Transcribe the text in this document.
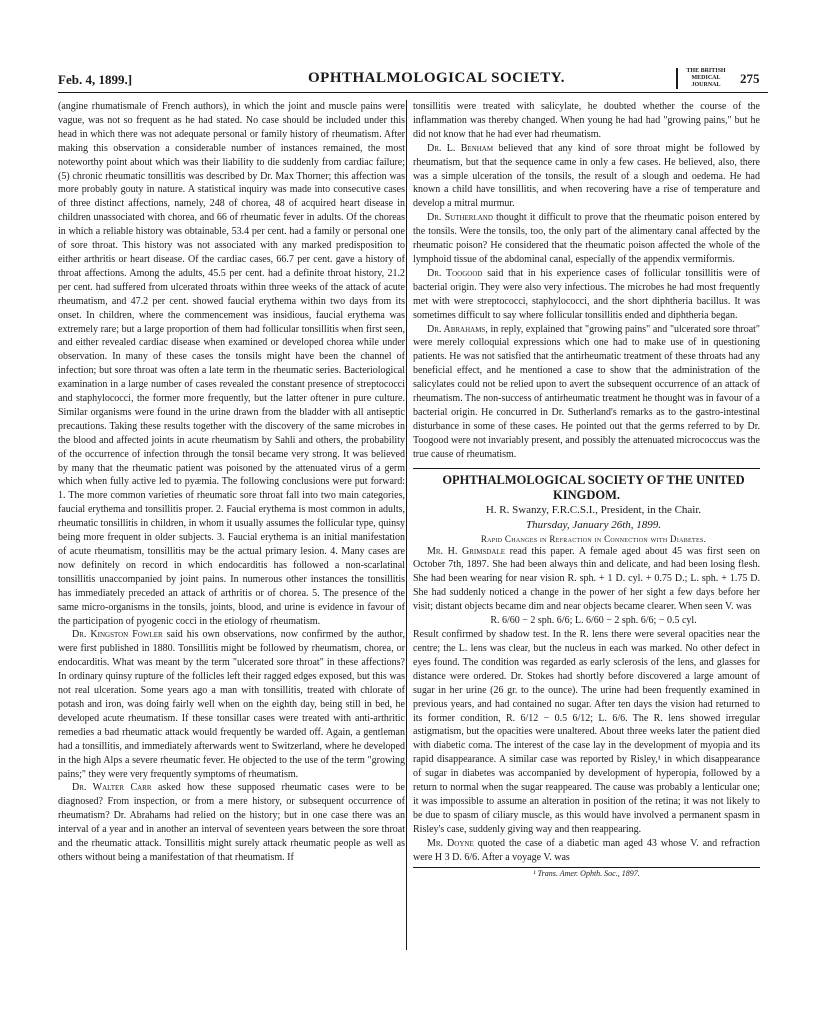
Feb. 4, 1899.]	OPHTHALMOLOGICAL SOCIETY.	THE BRITISH MEDICAL JOURNAL	275

(angine rhumatismale of French authors), in which the joint and muscle pains were vague, was not so frequent as he had stated. No case should be included under this head in which there was not adequate personal or family history of rheumatism. After making this observation a considerable number of instances remained, the most noteworthy point about which was their liability to die suddenly from cardiac failure; (5) chronic rheumatic tonsillitis was described by Dr. Max Thorner; this affection was more probably gouty in nature. A statistical inquiry was made into consecutive cases of three distinct affections, namely, 248 of chorea, 48 of acquired heart disease in children unassociated with chorea, and 66 of rheumatic fever in adults. Of the choreas in which a reliable history was obtainable, 53.4 per cent. had a family or personal one of sore throat. This history was not associated with any marked predisposition to either arthritis or heart disease. Of the cardiac cases, 66.7 per cent. gave a history of throat affections. Among the adults, 45.5 per cent. had a definite throat history, 21.2 per cent. had suffered from ulcerated throats within three weeks of the attack of acute rheumatism, and 47.2 per cent. showed faucial erythema within two days from its onset. In children, where the commencement was insidious, faucial erythema was extremely rare; but a large proportion of them had follicular tonsillitis when first seen, and either revealed cardiac disease when examined or developed chorea while under observation. In many of these cases the tonsils might have been the channel of infection; but sore throat was often a late term in the rheumatic series. Bacteriological examination in a large number of cases revealed the constant presence of streptococci and staphylococci, the former more frequently, but the latter oftener in pure culture. Similar organisms were found in the urine drawn from the bladder with all antiseptic precautions. Taking these results together with the discovery of the same microbes in the blood and affected joints in acute rheumatism by Sahli and others, the probability of the occurrence of infection through the tonsil became very strong. It was believed by many that the rheumatic patient was poisoned by the attenuated virus of a germ which when fully active led to pyæmia. The following conclusions were put forward: 1. The more common varieties of rheumatic sore throat fall into two main categories, faucial erythema and tonsillitis proper. 2. Faucial erythema is most common in adults, rheumatic tonsillitis in children, in whom it usually assumes the follicular type, quinsy being more frequent in older subjects. 3. Faucial erythema is an initial manifestation of acute rheumatism, tonsillitis may be the actual primary lesion. 4. Many cases are now definitely on record in which endocarditis has followed a non-scarlatinal tonsillitis unaccompanied by joint pains. In numerous other instances the tonsillitis has immediately preceded an attack of arthritis or of chorea. 5. The presence of the same micro-organisms in the tonsils, joints, blood, and urine is evidence in favour of the participation of pyogenic cocci in the etiology of rheumatism.

Dr. Kingston Fowler said his own observations, now confirmed by the author, were first published in 1880. Tonsillitis might be followed by rheumatism, chorea, or endocarditis. What was meant by the term "ulcerated sore throat" in these affections? In ordinary quinsy rupture of the follicles left their ragged edges exposed, but this was not real ulceration. Some years ago a man with tonsillitis, treated with chlorate of potash and iron, was doing fairly well when on the eighth day, being still in bed, he developed acute rheumatism. If these tonsillar cases were treated with anti-arthritic remedies a bad rheumatic attack would frequently be warded off. Again, a gentleman had a tonsillitis, and immediately afterwards went to Switzerland, where he developed in the high Alps a severe rheumatic fever. He objected to the use of the term "growing pains;" they were very frequently symptoms of rheumatism.

Dr. Walter Carr asked how these supposed rheumatic cases were to be diagnosed? From inspection, or from a mere history, or subsequent occurrence of rheumatism? Dr. Abrahams had relied on the history; but in one case there was an interval of a year and in another an interval of seventeen years between the sore throat and the rheumatic attack. Tonsillitis might surely attack rheumatic people as well as others without being a manifestation of that rheumatism. If

tonsillitis were treated with salicylate, he doubted whether the course of the inflammation was thereby changed. When young he had had "growing pains," but he did not know that he had ever had rheumatism.

Dr. L. Benham believed that any kind of sore throat might be followed by rheumatism, but that the sequence came in only a few cases. He believed, also, there was a simple ulceration of the tonsils, the result of a slough and oedema. He had known a child have tonsillitis, and when recovering have a rise of temperature and develop a mitral murmur.

Dr. Sutherland thought it difficult to prove that the rheumatic poison entered by the tonsils. Were the tonsils, too, the only part of the alimentary canal affected by the rheumatic poison? He considered that the rheumatic poison affected the whole of the lymphoid tissue of the abdominal canal, especially of the appendix vermiformis.

Dr. Toogood said that in his experience cases of follicular tonsillitis were of bacterial origin. They were also very infectious. The microbes he had most frequently met with were streptococci, staphylococci, and the short diphtheria bacillus. It was sometimes difficult to say where follicular tonsillitis ended and diphtheria began.

Dr. Abrahams, in reply, explained that "growing pains" and "ulcerated sore throat" were merely colloquial expressions which one had to make use of in questioning patients. He was not satisfied that the antirheumatic treatment of these throats had any beneficial effect, and he mentioned a case to show that the administration of the salicylates could not be relied upon to avert the subsequent occurrence of an attack of rheumatism. The non-success of antirheumatic treatment he thought was in favour of a bacterial origin. He concurred in Dr. Sutherland's remarks as to the gastro-intestinal disturbance in some of these cases. He pointed out that the germs referred to by Dr. Toogood were not invariably present, and possibly the attenuated micrococcus was the true cause of rheumatism.

OPHTHALMOLOGICAL SOCIETY OF THE UNITED KINGDOM.

H. R. Swanzy, F.R.C.S.I., President, in the Chair.

Thursday, January 26th, 1899.

Rapid Changes in Refraction in Connection with Diabetes.

Mr. H. Grimsdale read this paper. A female aged about 45 was first seen on October 7th, 1897. She had been always thin and delicate, and had been losing flesh. She had been wearing for near vision R. sph. + 1 D. cyl. + 0.75 D.; L. sph. + 1.75 D. She had suddenly noticed a change in the power of her sight a few days before her visit; distant objects became dim and near objects became clearer. When seen V. was

R. 6/60 − 2 sph. 6/6; L. 6/60 − 2 sph. 6/6; − 0.5 cyl.

Result confirmed by shadow test. In the R. lens there were several opacities near the centre; the L. lens was clear, but the nucleus in each was marked. No other defect in eyes found. The condition was regarded as early sclerosis of the lens, and glasses for distance were ordered. Dr. Stokes had shortly before discovered a large amount of sugar in her urine (26 gr. to the ounce). The urine had been frequently examined in previous years, and had contained no sugar. After ten days the vision had returned to its former condition, R. 6/12 − 0.5 6/12; L. 6/6. The R. lens showed irregular astigmatism, but the opacities were unaltered. About three weeks later the patient died with diabetic coma. The interest of the case lay in the development of myopia and its rapid disappearance. A similar case was reported by Risley,¹ in which disappearance of sugar in diabetes was accompanied by development of hyperopia, followed by a return to normal when the sugar reappeared. The cause was probably a lenticular one; it was impossible to assume an alteration in position of the retina; it was not likely to be due to spasm of ciliary muscle, as this would have involved a permanent spasm in Risley's case, suddenly giving way and then reappearing.

Mr. Doyne quoted the case of a diabetic man aged 43 whose V. and refraction were H 3 D. 6/6. After a voyage V. was

¹ Trans. Amer. Ophth. Soc., 1897.
